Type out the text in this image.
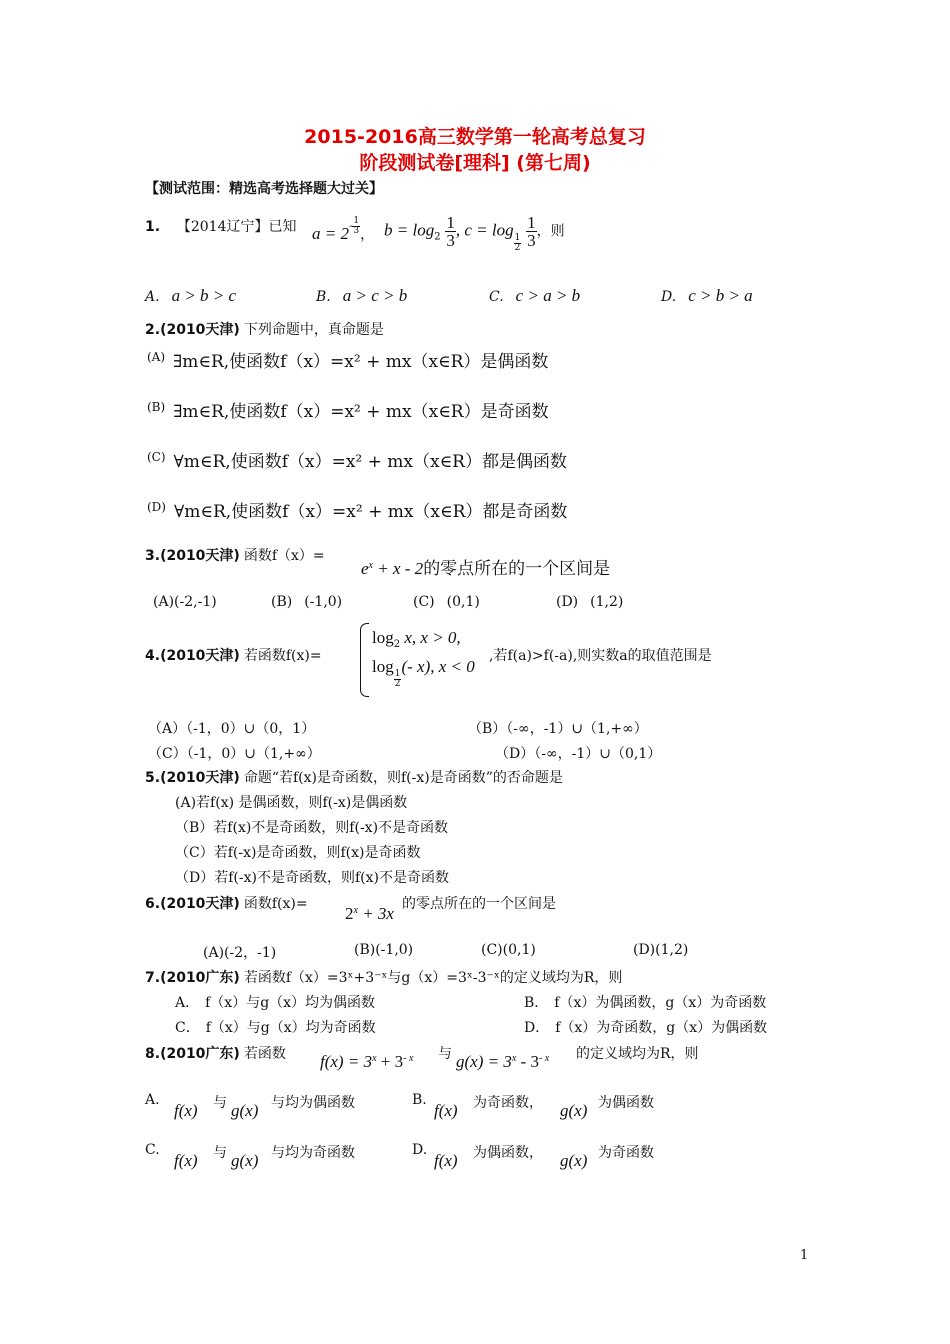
2015-2016高三数学第一轮高考总复习
阶段测试卷[理科] (第七周)
【测试范围：精选高考选择题大过关】
1. 【2014辽宁】已知 $a = 2^{- \frac{1}{3}}$ ， $b = \log_2 \frac{1}{3}$ , c = log
$\frac{1}{2}$
$\frac{1}{3}$ ，则
A. a > b > c	B. a > c > b	C. c > a > b	D. c > b > a
2.(2010天津) 下列命题中，真命题是
$^{(A)}$ ∃m∈R,使函数f（x）=x² + mx（x∈R）是偶函数
$^{(B)}$ ∃m∈R,使函数f（x）=x² + mx（x∈R）是奇函数
$^{(C)}$ ∀m∈R,使函数f（x）=x² + mx（x∈R）都是偶函数
$^{(D)}$ ∀m∈R,使函数f（x）=x² + mx（x∈R）都是奇函数
3.(2010天津) 函数f（x）=
$e^x + x - 2$的零点所在的一个区间是
(A)(-2,-1)	(B) (-1,0)	(C) (0,1)	(D) (1,2)
4.(2010天津) 若函数f(x)=
$\log_2 x$, x > 0,
log
$\frac{1}{2}$
(- x), x < 0
,若f(a)>f(-a),则实数a的取值范围是
（A）（-1，0）∪（0，1）	（B）（-∞，-1）∪（1,+∞）
（C）（-1，0）∪（1,+∞）	（D）（-∞，-1）∪（0,1）
5.(2010天津) 命题“若f(x)是奇函数，则f(-x)是奇函数”的否命题是
(A)若f(x) 是偶函数，则f(-x)是偶函数
（B）若f(x)不是奇函数，则f(-x)不是奇函数
（C）若f(-x)是奇函数，则f(x)是奇函数
（D）若f(-x)不是奇函数，则f(x)不是奇函数
6.(2010天津) 函数$f(x)= 2^x + 3x$ 的零点所在的一个区间是
(A)(-2，-1)	(B)(-1,0)	(C)(0,1)	(D)(1,2)
7.(2010广东) 若函数f（x）=3ˣ+3⁻ˣ与g（x）=3ˣ-3⁻ˣ的定义域均为R，则
A． f（x）与g（x）均为偶函数	B． f（x）为偶函数，g（x）为奇函数
C． f（x）与g（x）均为奇函数	D． f（x）为奇函数，g（x）为偶函数
8.(2010广东) 若函数 $f(x) = 3^x + 3^{- x}$ 与 $g(x) = 3^x - 3^{- x}$ 的定义域均为R，则
A.
f(x) 与 g(x) 与均为偶函数	B.
f(x) 为奇函数， g(x) 为偶函数
C.
f(x) 与 g(x) 与均为奇函数	D.
f(x) 为偶函数， g(x) 为奇函数
1
